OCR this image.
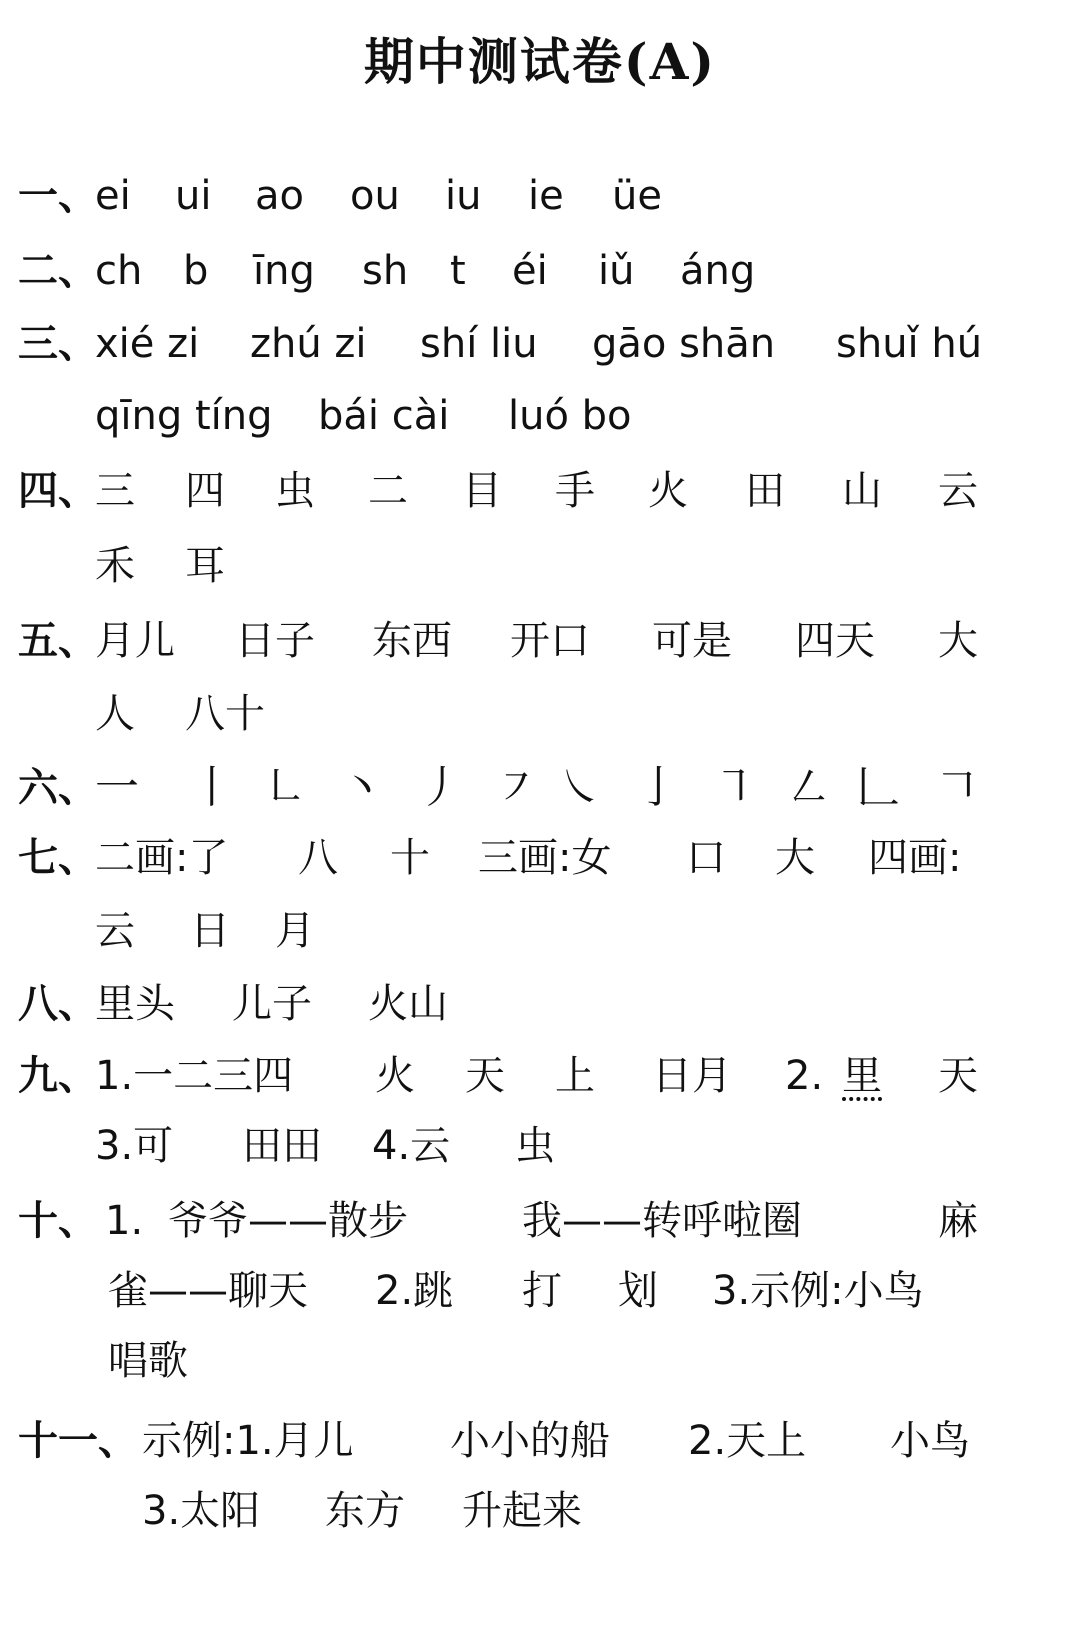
期中测试卷(A)
一、
ei ui ao ou iu ie üe
二、
ch b īng sh t éi iǔ áng
三、
xié zi zhú zi shí liu gāo shān shuǐ hú
qīng tíng bái cài luó bo
四、
三 四 虫 二 目 手 火 田 山 云
禾 耳
五、
月儿 日子 东西 开口 可是 四天 大
人 八十
六、
一 丨 ㇗ 丶 丿 ㇇ ㇏ 亅 ㇕ ㇜ 𠃊 𠃍
七、
二画:了 八 十 三画:女 口 大 四画:
云 日 月
八、
里头 儿子 火山
九、
1.一二三四 火 天 上 日月 2. 里 天
3.可 田田 4.云 虫
十、 1. 爷爷——散步	我——转呼啦圈	麻
雀——聊天 2.跳 打 划 3.示例:小鸟
唱歌
十一、 示例:1.月儿 小小的船 2.天上 小鸟
3.太阳 东方 升起来
